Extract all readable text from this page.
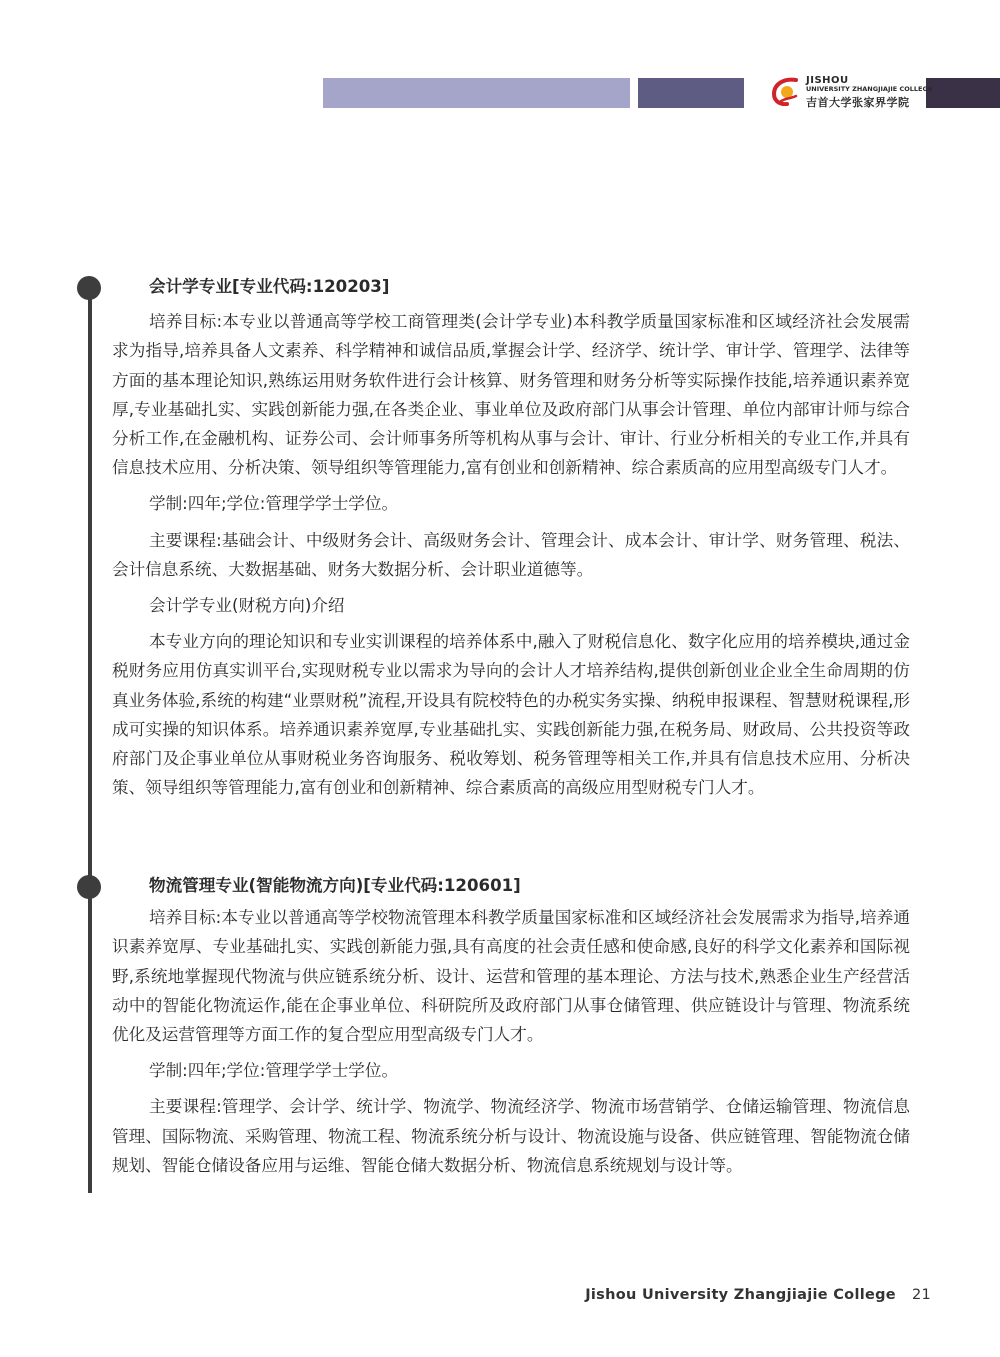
JISHOU
UNIVERSITY ZHANGJIAJIE COLLEGE
吉首大学张家界学院
会计学专业[专业代码:120203]

培养目标:本专业以普通高等学校工商管理类(会计学专业)本科教学质量国家标准和区域经济社会发展需求为指导,培养具备人文素养、科学精神和诚信品质,掌握会计学、经济学、统计学、审计学、管理学、法律等方面的基本理论知识,熟练运用财务软件进行会计核算、财务管理和财务分析等实际操作技能,培养通识素养宽厚,专业基础扎实、实践创新能力强,在各类企业、事业单位及政府部门从事会计管理、单位内部审计师与综合分析工作,在金融机构、证券公司、会计师事务所等机构从事与会计、审计、行业分析相关的专业工作,并具有信息技术应用、分析决策、领导组织等管理能力,富有创业和创新精神、综合素质高的应用型高级专门人才。

学制:四年;学位:管理学学士学位。

主要课程:基础会计、中级财务会计、高级财务会计、管理会计、成本会计、审计学、财务管理、税法、会计信息系统、大数据基础、财务大数据分析、会计职业道德等。

会计学专业(财税方向)介绍

本专业方向的理论知识和专业实训课程的培养体系中,融入了财税信息化、数字化应用的培养模块,通过金税财务应用仿真实训平台,实现财税专业以需求为导向的会计人才培养结构,提供创新创业企业全生命周期的仿真业务体验,系统的构建“业票财税”流程,开设具有院校特色的办税实务实操、纳税申报课程、智慧财税课程,形成可实操的知识体系。培养通识素养宽厚,专业基础扎实、实践创新能力强,在税务局、财政局、公共投资等政府部门及企事业单位从事财税业务咨询服务、税收筹划、税务管理等相关工作,并具有信息技术应用、分析决策、领导组织等管理能力,富有创业和创新精神、综合素质高的高级应用型财税专门人才。

物流管理专业(智能物流方向)[专业代码:120601]

培养目标:本专业以普通高等学校物流管理本科教学质量国家标准和区域经济社会发展需求为指导,培养通识素养宽厚、专业基础扎实、实践创新能力强,具有高度的社会责任感和使命感,良好的科学文化素养和国际视野,系统地掌握现代物流与供应链系统分析、设计、运营和管理的基本理论、方法与技术,熟悉企业生产经营活动中的智能化物流运作,能在企事业单位、科研院所及政府部门从事仓储管理、供应链设计与管理、物流系统优化及运营管理等方面工作的复合型应用型高级专门人才。

学制:四年;学位:管理学学士学位。

主要课程:管理学、会计学、统计学、物流学、物流经济学、物流市场营销学、仓储运输管理、物流信息管理、国际物流、采购管理、物流工程、物流系统分析与设计、物流设施与设备、供应链管理、智能物流仓储规划、智能仓储设备应用与运维、智能仓储大数据分析、物流信息系统规划与设计等。

Jishou University Zhangjiajie College 21
